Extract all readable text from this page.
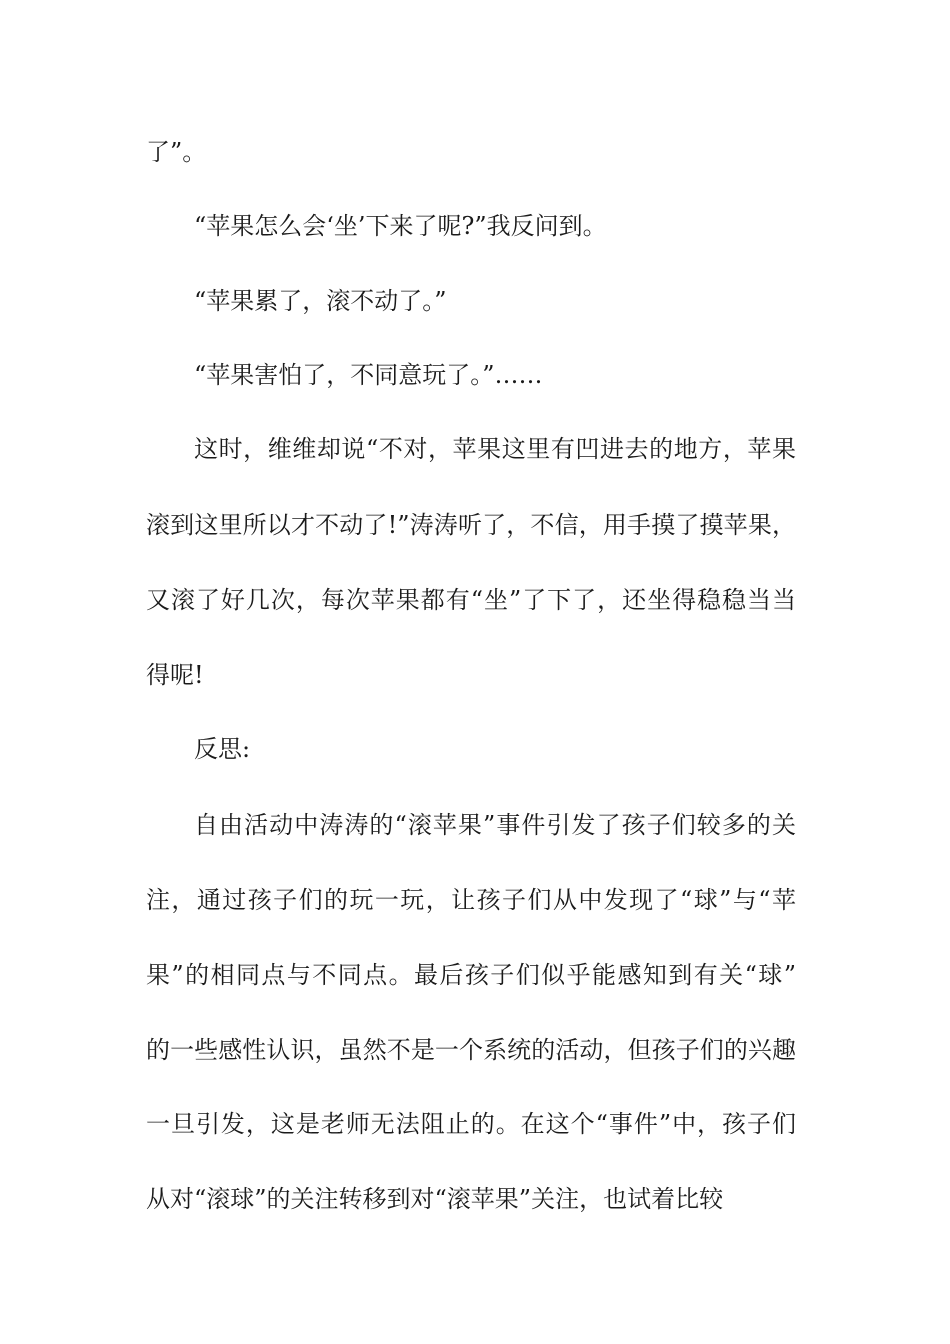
了”。
“苹果怎么会‘坐’下来了呢?”我反问到。
“苹果累了，滚不动了。”
“苹果害怕了，不同意玩了。”……
这时，维维却说“不对，苹果这里有凹进去的地方，苹果
滚到这里所以才不动了!”涛涛听了，不信，用手摸了摸苹果，
又滚了好几次，每次苹果都有“坐”了下了，还坐得稳稳当当
得呢!
反思:
自由活动中涛涛的“滚苹果”事件引发了孩子们较多的关
注，通过孩子们的玩一玩，让孩子们从中发现了“球”与“苹
果”的相同点与不同点。最后孩子们似乎能感知到有关“球”
的一些感性认识，虽然不是一个系统的活动，但孩子们的兴趣
一旦引发，这是老师无法阻止的。在这个“事件”中，孩子们
从对“滚球”的关注转移到对“滚苹果”关注，也试着比较
